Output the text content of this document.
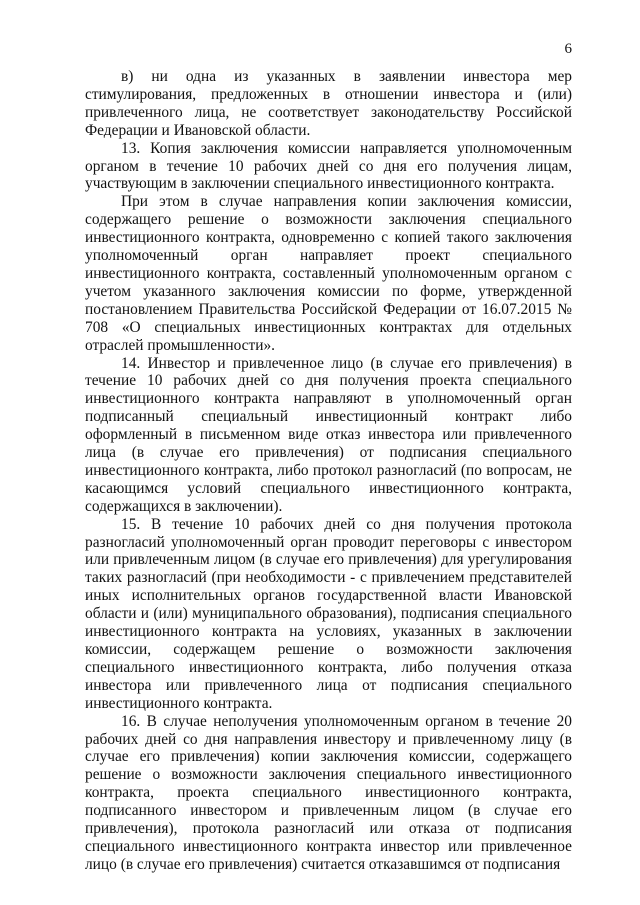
6

в) ни одна из указанных в заявлении инвестора мер стимулирования, предложенных в отношении инвестора и (или) привлеченного лица, не соответствует законодательству Российской Федерации и Ивановской области.

13. Копия заключения комиссии направляется уполномоченным органом в течение 10 рабочих дней со дня его получения лицам, участвующим в заключении специального инвестиционного контракта.

При этом в случае направления копии заключения комиссии, содержащего решение о возможности заключения специального инвестиционного контракта, одновременно с копией такого заключения уполномоченный орган направляет проект специального инвестиционного контракта, составленный уполномоченным органом с учетом указанного заключения комиссии по форме, утвержденной постановлением Правительства Российской Федерации от 16.07.2015 № 708 «О специальных инвестиционных контрактах для отдельных отраслей промышленности».

14. Инвестор и привлеченное лицо (в случае его привлечения) в течение 10 рабочих дней со дня получения проекта специального инвестиционного контракта направляют в уполномоченный орган подписанный специальный инвестиционный контракт либо оформленный в письменном виде отказ инвестора или привлеченного лица (в случае его привлечения) от подписания специального инвестиционного контракта, либо протокол разногласий (по вопросам, не касающимся условий специального инвестиционного контракта, содержащихся в заключении).

15. В течение 10 рабочих дней со дня получения протокола разногласий уполномоченный орган проводит переговоры с инвестором или привлеченным лицом (в случае его привлечения) для урегулирования таких разногласий (при необходимости - с привлечением представителей иных исполнительных органов государственной власти Ивановской области и (или) муниципального образования), подписания специального инвестиционного контракта на условиях, указанных в заключении комиссии, содержащем решение о возможности заключения специального инвестиционного контракта, либо получения отказа инвестора или привлеченного лица от подписания специального инвестиционного контракта.

16. В случае неполучения уполномоченным органом в течение 20 рабочих дней со дня направления инвестору и привлеченному лицу (в случае его привлечения) копии заключения комиссии, содержащего решение о возможности заключения специального инвестиционного контракта, проекта специального инвестиционного контракта, подписанного инвестором и привлеченным лицом (в случае его привлечения), протокола разногласий или отказа от подписания специального инвестиционного контракта инвестор или привлеченное лицо (в случае его привлечения) считается отказавшимся от подписания
